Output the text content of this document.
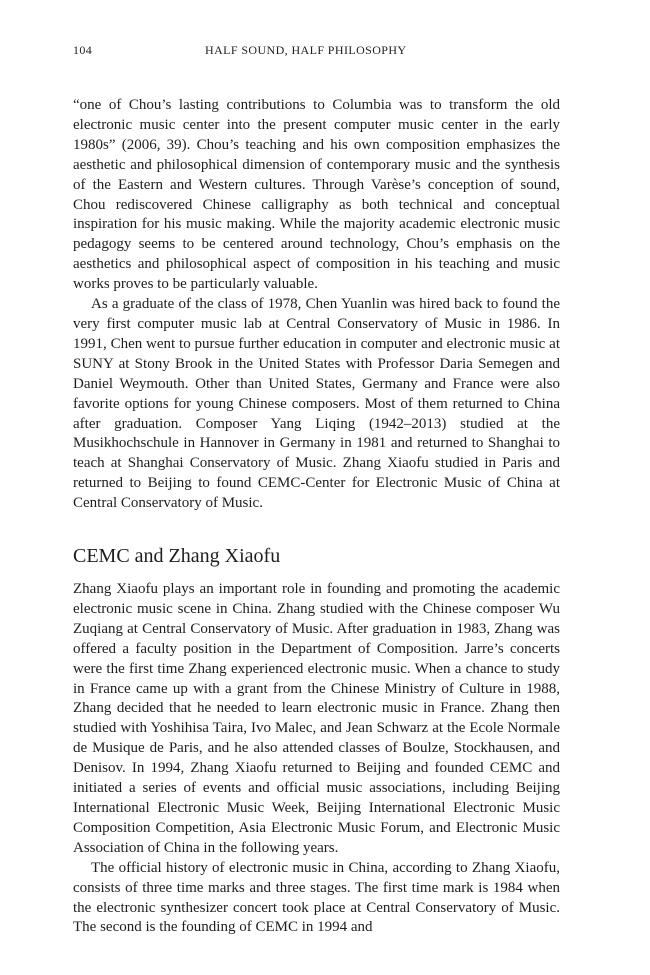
104	HALF SOUND, HALF PHILOSOPHY

“one of Chou’s lasting contributions to Columbia was to transform the old electronic music center into the present computer music center in the early 1980s” (2006, 39). Chou’s teaching and his own composition emphasizes the aesthetic and philosophical dimension of contemporary music and the synthesis of the Eastern and Western cultures. Through Varèse’s conception of sound, Chou rediscovered Chinese calligraphy as both technical and conceptual inspiration for his music making. While the majority academic electronic music pedagogy seems to be centered around technology, Chou’s emphasis on the aesthetics and philosophical aspect of composition in his teaching and music works proves to be particularly valuable.

As a graduate of the class of 1978, Chen Yuanlin was hired back to found the very first computer music lab at Central Conservatory of Music in 1986. In 1991, Chen went to pursue further education in computer and electronic music at SUNY at Stony Brook in the United States with Professor Daria Semegen and Daniel Weymouth. Other than United States, Germany and France were also favorite options for young Chinese composers. Most of them returned to China after graduation. Composer Yang Liqing (1942–2013) studied at the Musikhochschule in Hannover in Germany in 1981 and returned to Shanghai to teach at Shanghai Conservatory of Music. Zhang Xiaofu studied in Paris and returned to Beijing to found CEMC-Center for Electronic Music of China at Central Conservatory of Music.

CEMC and Zhang Xiaofu

Zhang Xiaofu plays an important role in founding and promoting the academic electronic music scene in China. Zhang studied with the Chinese composer Wu Zuqiang at Central Conservatory of Music. After graduation in 1983, Zhang was offered a faculty position in the Department of Composition. Jarre’s concerts were the first time Zhang experienced electronic music. When a chance to study in France came up with a grant from the Chinese Ministry of Culture in 1988, Zhang decided that he needed to learn electronic music in France. Zhang then studied with Yoshihisa Taira, Ivo Malec, and Jean Schwarz at the Ecole Normale de Musique de Paris, and he also attended classes of Boulze, Stockhausen, and Denisov. In 1994, Zhang Xiaofu returned to Beijing and founded CEMC and initiated a series of events and official music associations, including Beijing International Electronic Music Week, Beijing International Electronic Music Composition Competition, Asia Electronic Music Forum, and Electronic Music Association of China in the following years.

The official history of electronic music in China, according to Zhang Xiaofu, consists of three time marks and three stages. The first time mark is 1984 when the electronic synthesizer concert took place at Central Conservatory of Music. The second is the founding of CEMC in 1994 and
